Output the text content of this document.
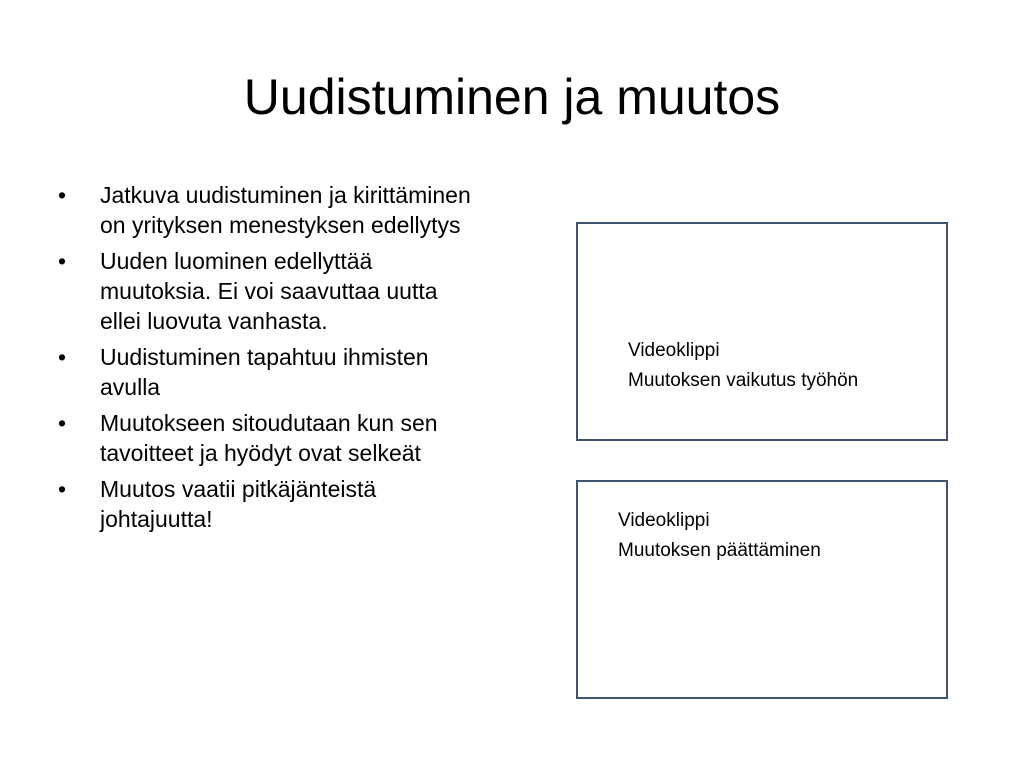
Uudistuminen ja muutos
•	Jatkuva uudistuminen ja kirittäminen on yrityksen menestyksen edellytys
•	Uuden luominen edellyttää muutoksia. Ei voi saavuttaa uutta ellei luovuta vanhasta.
•	Uudistuminen tapahtuu ihmisten avulla
•	Muutokseen sitoudutaan kun sen tavoitteet ja hyödyt ovat selkeät
•	Muutos vaatii pitkäjänteistä johtajuutta!
Videoklippi
Muutoksen vaikutus työhön
Videoklippi
Muutoksen päättäminen
